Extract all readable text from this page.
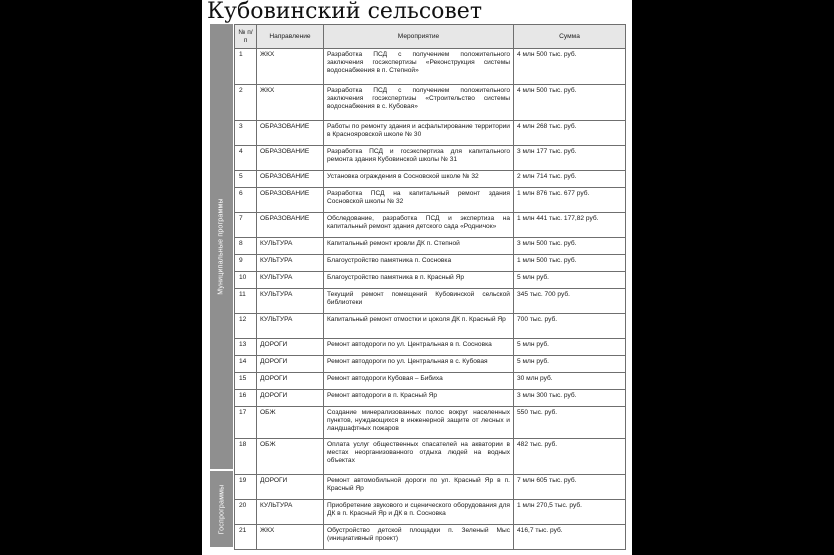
Кубовинский сельсовет
Муниципальные программы
Госпрограммы
№ п/п	Направление	Мероприятие	Сумма
1	ЖКХ	Разработка ПСД с получением положительного заключения госэкспертизы «Реконструкция системы водоснабжения в п. Степной»	4 млн 500 тыс. руб.
2	ЖКХ	Разработка ПСД с получением положительного заключения госэкспертизы «Строительство системы водоснабжения в с. Кубовая»	4 млн 500 тыс. руб.
3	ОБРАЗОВАНИЕ	Работы по ремонту здания и асфальтирование территории в Краснояровской школе № 30	4 млн 268 тыс. руб.
4	ОБРАЗОВАНИЕ	Разработка ПСД и госэкспертиза для капитального ремонта здания Кубовинской школы № 31	3 млн 177 тыс. руб.
5	ОБРАЗОВАНИЕ	Установка ограждения в Сосновской школе № 32	2 млн 714 тыс. руб.
6	ОБРАЗОВАНИЕ	Разработка ПСД на капитальный ремонт здания Сосновской школы № 32	1 млн 876 тыс. 677 руб.
7	ОБРАЗОВАНИЕ	Обследование, разработка ПСД и экспертиза на капитальный ремонт здания детского сада «Родничок»	1 млн 441 тыс. 177,82 руб.
8	КУЛЬТУРА	Капитальный ремонт кровли ДК п. Степной	3 млн 500 тыс. руб.
9	КУЛЬТУРА	Благоустройство памятника п. Сосновка	1 млн 500 тыс. руб.
10	КУЛЬТУРА	Благоустройство памятника в п. Красный Яр	5 млн руб.
11	КУЛЬТУРА	Текущий ремонт помещений Кубовинской сельской библиотеки	345 тыс. 700 руб.
12	КУЛЬТУРА	Капитальный ремонт отмостки и цоколя ДК п. Красный Яр	700 тыс. руб.
13	ДОРОГИ	Ремонт автодороги по ул. Центральная в п. Сосновка	5 млн руб.
14	ДОРОГИ	Ремонт автодороги по ул. Центральная в с. Кубовая	5 млн руб.
15	ДОРОГИ	Ремонт автодороги Кубовая – Бибиха	30 млн руб.
16	ДОРОГИ	Ремонт автодороги в п. Красный Яр	3 млн 300 тыс. руб.
17	ОБЖ	Создание минерализованных полос вокруг населенных пунктов, нуждающихся в инженерной защите от лесных и ландшафтных пожаров	550 тыс. руб.
18	ОБЖ	Оплата услуг общественных спасателей на акватории в местах неорганизованного отдыха людей на водных объектах	482 тыс. руб.
19	ДОРОГИ	Ремонт автомобильной дороги по ул. Красный Яр в п. Красный Яр	7 млн 605 тыс. руб.
20	КУЛЬТУРА	Приобретение звукового и сценического оборудования для ДК в п. Красный Яр и ДК в п. Сосновка	1 млн 270,5 тыс. руб.
21	ЖКХ	Обустройство детской площадки п. Зеленый Мыс (инициативный проект)	416,7 тыс. руб.
